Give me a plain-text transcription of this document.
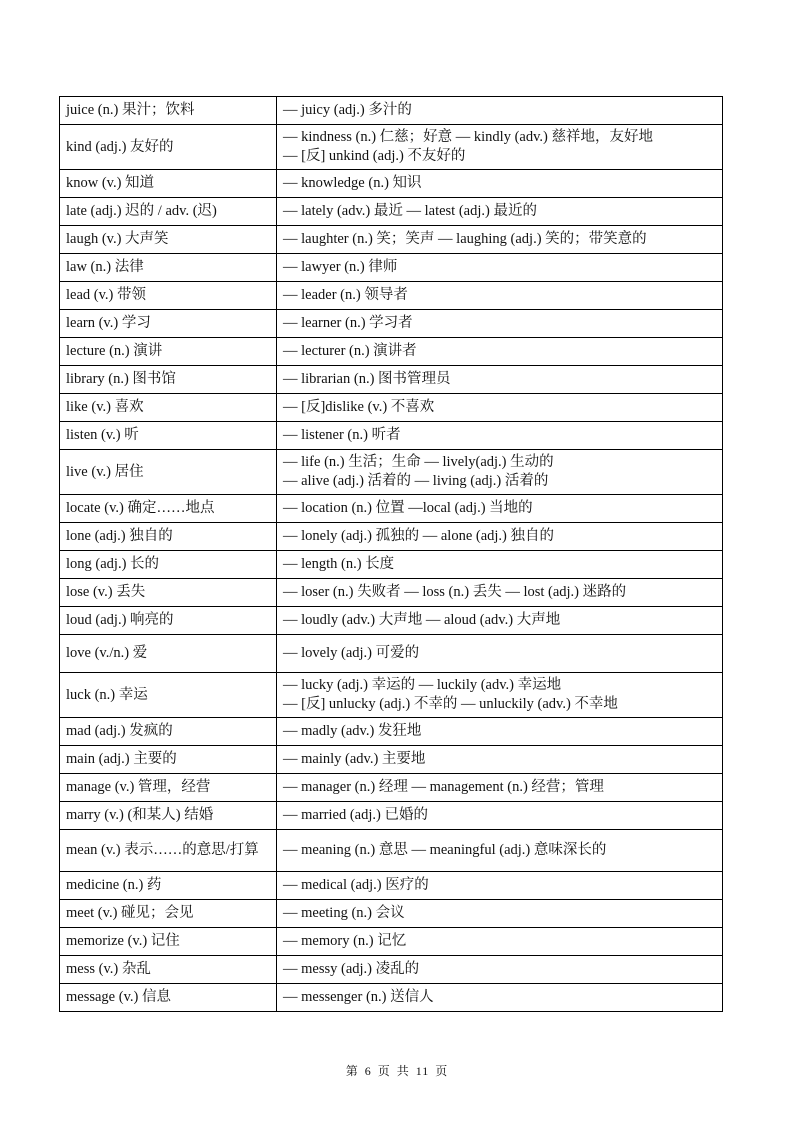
juice (n.) 果汁；饮料	— juicy (adj.) 多汁的

kind (adj.) 友好的	— kindness (n.) 仁慈；好意 — kindly (adv.) 慈祥地，友好地
— [反] unkind (adj.) 不友好的

know (v.) 知道	— knowledge (n.) 知识

late (adj.) 迟的 / adv. (迟)	— lately (adv.) 最近 — latest (adj.) 最近的

laugh (v.) 大声笑	— laughter (n.) 笑；笑声 — laughing (adj.) 笑的；带笑意的

law (n.) 法律	— lawyer (n.) 律师

lead (v.) 带领	— leader (n.) 领导者

learn (v.) 学习	— learner (n.) 学习者

lecture (n.) 演讲	— lecturer (n.) 演讲者

library (n.) 图书馆	— librarian (n.) 图书管理员

like (v.) 喜欢	— [反]dislike (v.) 不喜欢

listen (v.) 听	— listener (n.) 听者

live (v.) 居住	— life (n.) 生活；生命 — lively(adj.) 生动的
— alive (adj.) 活着的 — living (adj.) 活着的

locate (v.) 确定……地点	— location (n.) 位置 —local (adj.) 当地的

lone (adj.) 独自的	— lonely (adj.) 孤独的 — alone (adj.) 独自的

long (adj.) 长的	— length (n.) 长度

lose (v.) 丢失	— loser (n.) 失败者 — loss (n.) 丢失 — lost (adj.) 迷路的

loud (adj.) 响亮的	— loudly (adv.) 大声地 — aloud (adv.) 大声地

love (v./n.) 爱	— lovely (adj.) 可爱的

luck (n.) 幸运	— lucky (adj.) 幸运的 — luckily (adv.) 幸运地
— [反] unlucky (adj.) 不幸的 — unluckily (adv.) 不幸地

mad (adj.) 发疯的	— madly (adv.) 发狂地

main (adj.) 主要的	— mainly (adv.) 主要地

manage (v.) 管理，经营	— manager (n.) 经理 — management (n.) 经营；管理

marry (v.) (和某人) 结婚	— married (adj.) 已婚的

mean (v.) 表示……的意思/打算	— meaning (n.) 意思 — meaningful (adj.) 意味深长的

medicine (n.) 药	— medical (adj.) 医疗的

meet (v.) 碰见；会见	— meeting (n.) 会议

memorize (v.) 记住	— memory (n.) 记忆

mess (v.) 杂乱	— messy (adj.) 凌乱的

message (v.) 信息	— messenger (n.) 送信人
第 6 页 共 11 页
